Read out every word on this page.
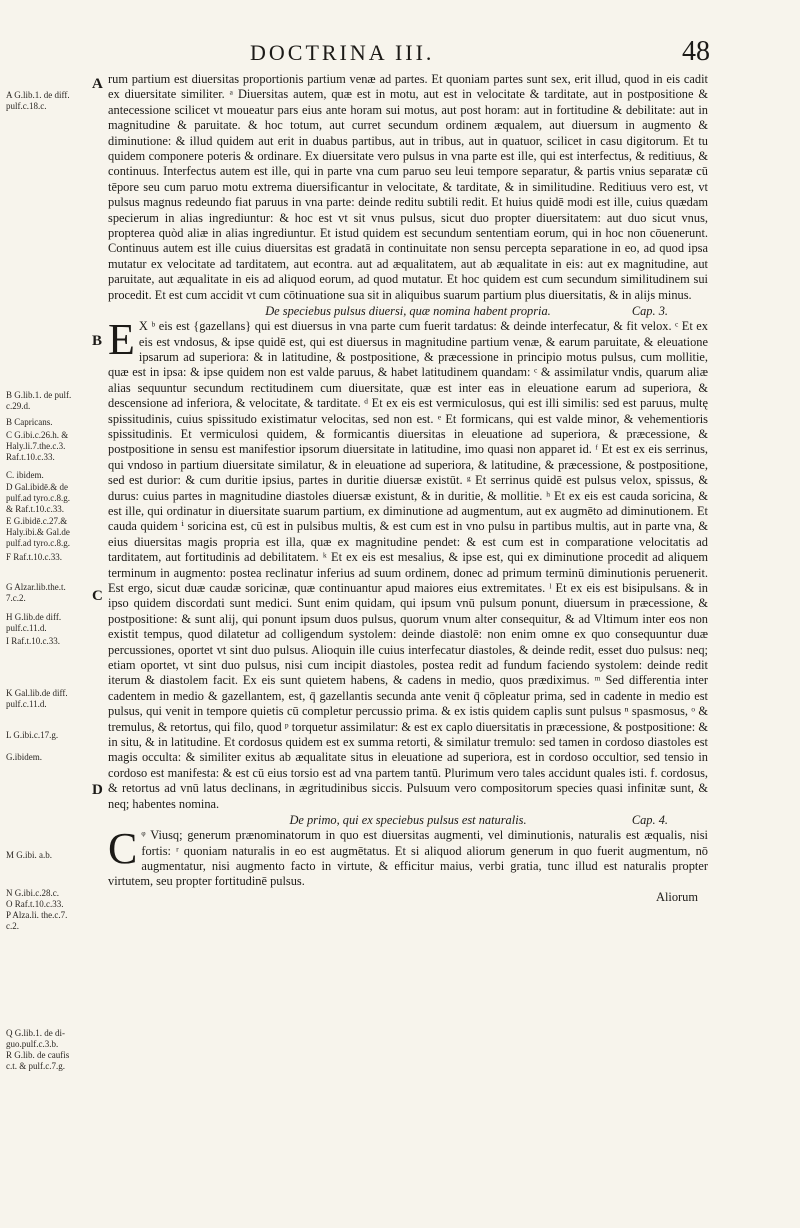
DOCTRINA III.	48
A G.lib.1. de diff.
pulf.c.18.c.
B G.lib.1. de pulf.
c.29.d.
B Capricans.
C G.ibi.c.26.h. &
Haly.li.7.the.c.3.
Raf.t.10.c.33.
C. ibidem.
D Gal.ibidē.& de
pulf.ad tyro.c.8.g.
& Raf.t.10.c.33.
E G.ibidē.c.27.&
Haly.ibi.& Gal.de
pulf.ad tyro.c.8.g.
F Raf.t.10.c.33.
G Alzar.lib.the.t.
7.c.2.
H G.lib.de diff.
pulf.c.11.d.
I Raf.t.10.c.33.
K Gal.lib.de diff.
pulf.c.11.d.
L G.ibi.c.17.g.
G.ibidem.
M G.ibi. a.b.
N G.ibi.c.28.c.
O Raf.t.10.c.33.
P Alza.li. the.c.7.
c.2.
Q G.lib.1. de di-
guo.pulf.c.3.b.
R G.lib. de caufis
c.t. & pulf.c.7.g.
A
B
C
D

rum partium est diuersitas proportionis partium venæ ad partes. Et quoniam partes sunt sex, erit illud, quod in eis cadit ex diuersitate similiter. ᵃ Diuersitas autem, quæ est in motu, aut est in velocitate & tarditate, aut in postpositione & antecessione scilicet vt moueatur pars eius ante horam sui motus, aut post horam: aut in fortitudine & debilitate: aut in magnitudine & paruitate. & hoc totum, aut curret secundum ordinem æqualem, aut diuersum in augmento & diminutione: & illud quidem aut erit in duabus partibus, aut in tribus, aut in quatuor, scilicet in casu digitorum. Et tu quidem componere poteris & ordinare. Ex diuersitate vero pulsus in vna parte est ille, qui est interfectus, & reditiuus, & continuus. Interfectus autem est ille, qui in parte vna cum paruo seu leui tempore separatur, & partis vnius separatæ cū tēpore seu cum paruo motu extrema diuersificantur in velocitate, & tarditate, & in similitudine. Reditiuus vero est, vt pulsus magnus redeundo fiat paruus in vna parte: deinde reditu subtili redit. Et huius quidē modi est ille, cuius quædam specierum in alias ingrediuntur: & hoc est vt sit vnus pulsus, sicut duo propter diuersitatem: aut duo sicut vnus, propterea quòd aliæ in alias ingrediuntur. Et istud quidem est secundum sententiam eorum, qui in hoc non cōuenerunt. Continuus autem est ille cuius diuersitas est gradatā in continuitate non sensu percepta separatione in eo, ad quod ipsa mutatur ex velocitate ad tarditatem, aut econtra. aut ad æqualitatem, aut ab æqualitate in eis: aut ex magnitudine, aut paruitate, aut æqualitate in eis ad aliquod eorum, ad quod mutatur. Et hoc quidem est cum secundum similitudinem sui procedit. Et est cum accidit vt cum cōtinuatione sua sit in aliquibus suarum partium plus diuersitatis, & in alijs minus.

De speciebus pulsus diuersi, quæ nomina habent propria.	Cap. 3.

E X ᵇ eis est {gazellans} qui est diuersus in vna parte cum fuerit tardatus: & deinde interfecatur, & fit velox. ᶜ Et ex eis est vndosus, & ipse quidē est, qui est diuersus in magnitudine partium venæ, & earum paruitate, & eleuatione ipsarum ad superiora: & in latitudine, & postpositione, & præcessione in principio motus pulsus, cum mollitie, quæ est in ipsa: & ipse quidem non est valde paruus, & habet latitudinem quandam: ᶜ & assimilatur vndis, quarum aliæ alias sequuntur secundum rectitudinem cum diuersitate, quæ est inter eas in eleuatione earum ad superiora, & descensione ad inferiora, & velocitate, & tarditate. ᵈ Et ex eis est vermiculosus, qui est illi similis: sed est paruus, multę spissitudinis, cuius spissitudo existimatur velocitas, sed non est. ᵉ Et formicans, qui est valde minor, & vehementioris spissitudinis. Et vermiculosi quidem, & formicantis diuersitas in eleuatione ad superiora, & præcessione, & postpositione in sensu est manifestior ipsorum diuersitate in latitudine, imo quasi non apparet id. ᶠ Et est ex eis serrinus, qui vndoso in partium diuersitate similatur, & in eleuatione ad superiora, & latitudine, & præcessione, & postpositione, sed est durior: & cum duritie ipsius, partes in duritie diuersæ existūt. ᵍ Et serrinus quidē est pulsus velox, spissus, & durus: cuius partes in magnitudine diastoles diuersæ existunt, & in duritie, & mollitie. ʰ Et ex eis est cauda soricina, & est ille, qui ordinatur in diuersitate suarum partium, ex diminutione ad augmentum, aut ex augmēto ad diminutionem. Et cauda quidem ⁱ soricina est, cū est in pulsibus multis, & est cum est in vno pulsu in partibus multis, aut in parte vna, & eius diuersitas magis propria est illa, quæ ex magnitudine pendet: & est cum est in comparatione velocitatis ad tarditatem, aut fortitudinis ad debilitatem. ᵏ Et ex eis est mesalius, & ipse est, qui ex diminutione procedit ad aliquem terminum in augmento: postea reclinatur inferius ad suum ordinem, donec ad primum terminū diminutionis peruenerit. Est ergo, sicut duæ caudæ soricinæ, quæ continuantur apud maiores eius extremitates. ˡ Et ex eis est bisipulsans. & in ipso quidem discordati sunt medici. Sunt enim quidam, qui ipsum vnū pulsum ponunt, diuersum in præcessione, & postpositione: & sunt alij, qui ponunt ipsum duos pulsus, quorum vnum alter consequitur, & ad Vltimum inter eos non existit tempus, quod dilatetur ad colligendum systolem: deinde diastolē: non enim omne ex quo consequuntur duæ percussiones, oportet vt sint duo pulsus. Alioquin ille cuius interfecatur diastoles, & deinde redit, esset duo pulsus: neq; etiam oportet, vt sint duo pulsus, nisi cum incipit diastoles, postea redit ad fundum faciendo systolem: deinde redit iterum & diastolem facit. Ex eis sunt quietem habens, & cadens in medio, quos prædiximus. ᵐ Sed differentia inter cadentem in medio & gazellantem, est, q̄ gazellantis secunda ante venit q̄ cōpleatur prima, sed in cadente in medio est pulsus, qui venit in tempore quietis cū completur percussio prima. & ex istis quidem caplis sunt pulsus ⁿ spasmosus, ᵒ & tremulus, & retortus, qui filo, quod ᵖ torquetur assimilatur: & est ex caplo diuersitatis in præcessione, & postpositione: & in situ, & in latitudine. Et cordosus quidem est ex summa retorti, & similatur tremulo: sed tamen in cordoso diastoles est magis occulta: & similiter exitus ab æqualitate situs in eleuatione ad superiora, est in cordoso occultior, sed tensio in cordoso est manifesta: & est cū eius torsio est ad vna partem tantū. Plurimum vero tales accidunt quales isti. f. cordosus, & retortus ad vnū latus declinans, in ægritudinibus siccis. Pulsuum vero compositorum species quasi infinitæ sunt, & neq; habentes nomina.

De primo, qui ex speciebus pulsus est naturalis.	Cap. 4.

C ᵠ Viusq; generum prænominatorum in quo est diuersitas augmenti, vel diminutionis, naturalis est æqualis, nisi fortis: ʳ quoniam naturalis in eo est augmētatus. Et si aliquod aliorum generum in quo fuerit augmentum, nō augmentatur, nisi augmento facto in virtute, & efficitur maius, verbi gratia, tunc illud est naturalis propter virtutem, seu propter fortitudinē pulsus.

Aliorum
